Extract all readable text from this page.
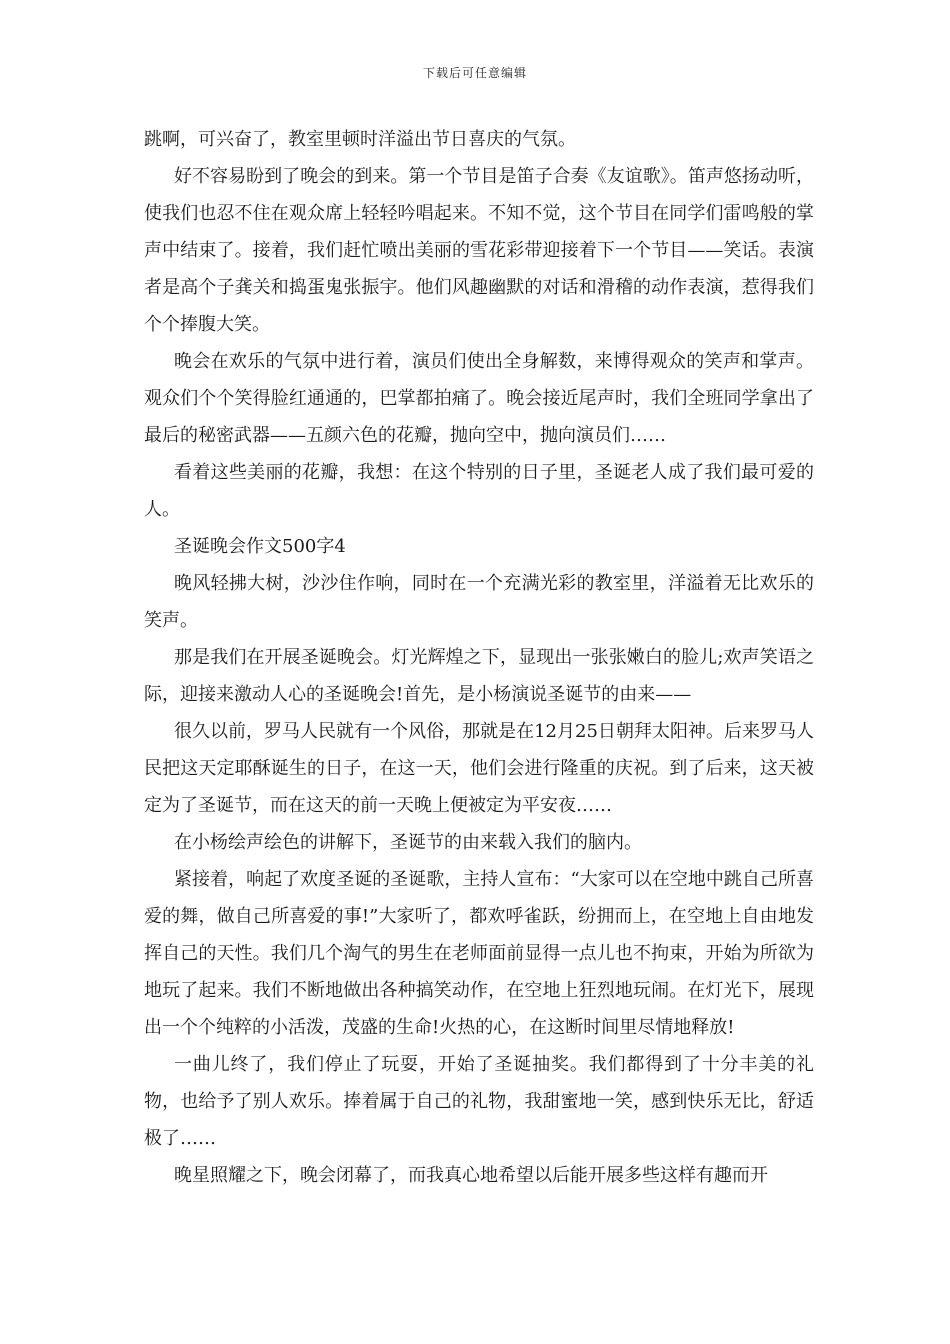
下载后可任意编辑

跳啊，可兴奋了，教室里顿时洋溢出节日喜庆的气氛。

好不容易盼到了晚会的到来。第一个节目是笛子合奏《友谊歌》。笛声悠扬动听，使我们也忍不住在观众席上轻轻吟唱起来。不知不觉，这个节目在同学们雷鸣般的掌声中结束了。接着，我们赶忙喷出美丽的雪花彩带迎接着下一个节目——笑话。表演者是高个子龚关和捣蛋鬼张振宇。他们风趣幽默的对话和滑稽的动作表演，惹得我们个个捧腹大笑。

晚会在欢乐的气氛中进行着，演员们使出全身解数，来博得观众的笑声和掌声。观众们个个笑得脸红通通的，巴掌都拍痛了。晚会接近尾声时，我们全班同学拿出了最后的秘密武器——五颜六色的花瓣，抛向空中，抛向演员们……

看着这些美丽的花瓣，我想：在这个特别的日子里，圣诞老人成了我们最可爱的人。

圣诞晚会作文500字4

晚风轻拂大树，沙沙住作响，同时在一个充满光彩的教室里，洋溢着无比欢乐的笑声。

那是我们在开展圣诞晚会。灯光辉煌之下，显现出一张张嫩白的脸儿;欢声笑语之际，迎接来激动人心的圣诞晚会!首先，是小杨演说圣诞节的由来——

很久以前，罗马人民就有一个风俗，那就是在12月25日朝拜太阳神。后来罗马人民把这天定耶酥诞生的日子，在这一天，他们会进行隆重的庆祝。到了后来，这天被定为了圣诞节，而在这天的前一天晚上便被定为平安夜……

在小杨绘声绘色的讲解下，圣诞节的由来载入我们的脑内。

紧接着，响起了欢度圣诞的圣诞歌，主持人宣布：“大家可以在空地中跳自己所喜爱的舞，做自己所喜爱的事!”大家听了，都欢呼雀跃，纷拥而上，在空地上自由地发挥自己的天性。我们几个淘气的男生在老师面前显得一点儿也不拘束，开始为所欲为地玩了起来。我们不断地做出各种搞笑动作，在空地上狂烈地玩闹。在灯光下，展现出一个个纯粹的小活泼，茂盛的生命!火热的心，在这断时间里尽情地释放!

一曲儿终了，我们停止了玩耍，开始了圣诞抽奖。我们都得到了十分丰美的礼物，也给予了别人欢乐。捧着属于自己的礼物，我甜蜜地一笑，感到快乐无比，舒适极了……

晚星照耀之下，晚会闭幕了，而我真心地希望以后能开展多些这样有趣而开
